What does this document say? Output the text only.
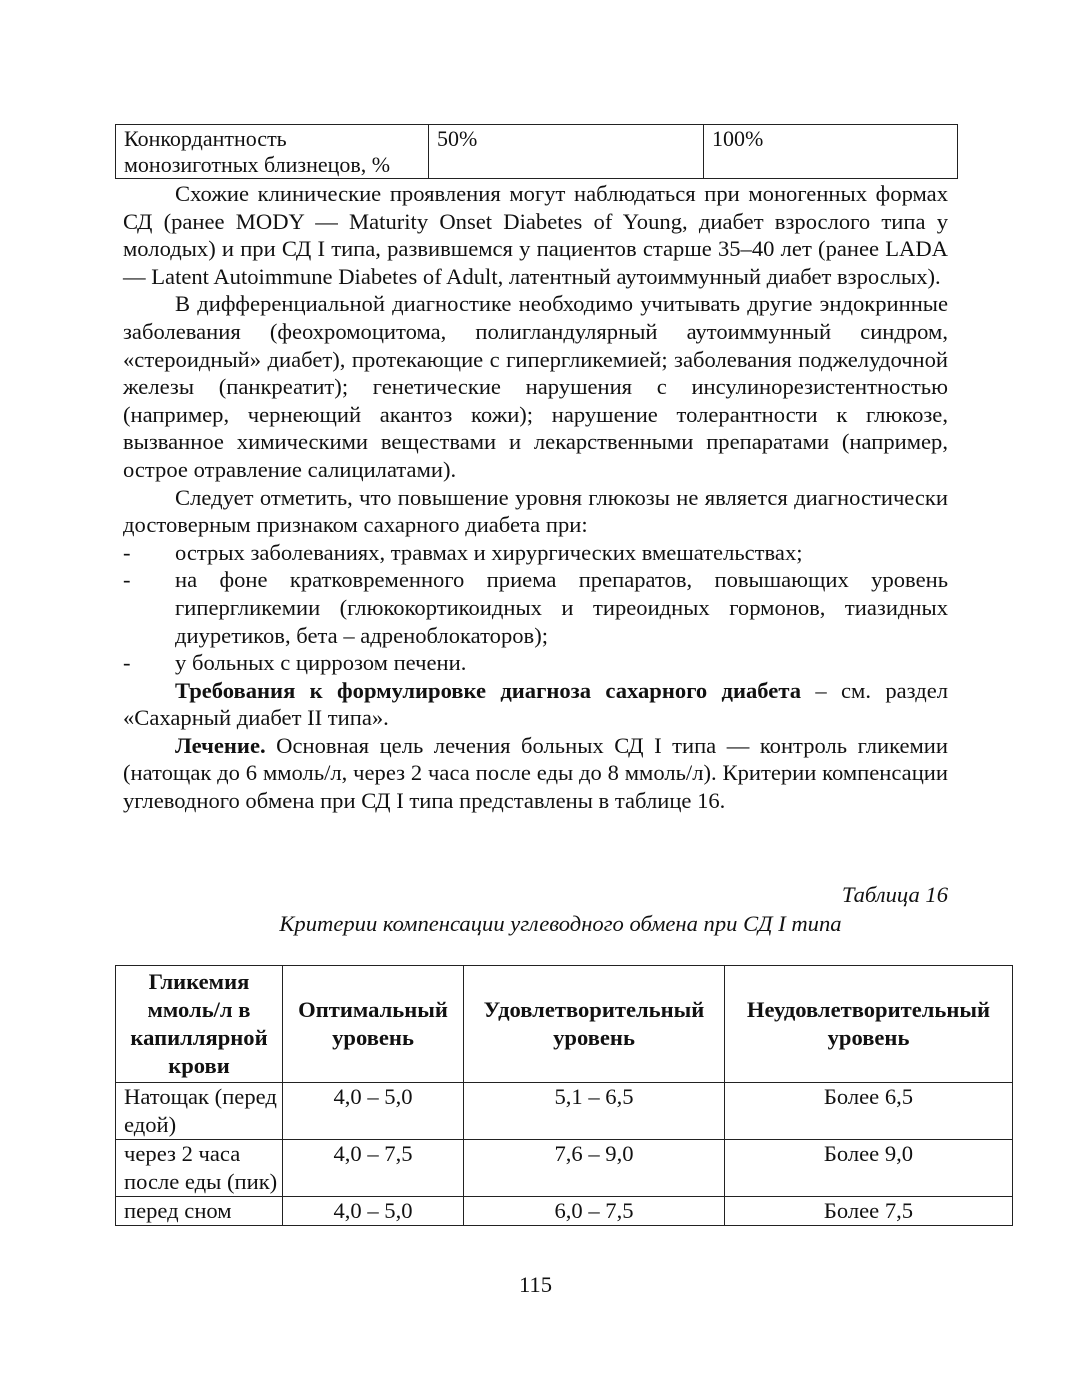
Конкордантность монозиготных близнецов, %	50%	100%

Схожие клинические проявления могут наблюдаться при моногенных формах СД (ранее MODY — Maturity Onset Diabetes of Young, диабет взрослого типа у молодых) и при СД I типа, развившемся у пациентов старше 35–40 лет (ранее LADA — Latent Autoimmune Diabetes of Adult, латентный аутоиммунный диабет взрослых).

В дифференциальной диагностике необходимо учитывать другие эндокринные заболевания (феохромоцитома, полигландулярный аутоиммунный синдром, «стероидный» диабет), протекающие с гипергликемией; заболевания поджелудочной железы (панкреатит); генетические нарушения с инсулинорезистентностью (например, чернеющий акантоз кожи); нарушение толерантности к глюкозе, вызванное химическими веществами и лекарственными препаратами (например, острое отравление салицилатами).

Следует отметить, что повышение уровня глюкозы не является диагностически достоверным признаком сахарного диабета при:

-	острых заболеваниях, травмах и хирургических вмешательствах;
-	на фоне кратковременного приема препаратов, повышающих уровень гипергликемии (глюкокортикоидных и тиреоидных гормонов, тиазидных диуретиков, бета – адреноблокаторов);
-	у больных с циррозом печени.

Требования к формулировке диагноза сахарного диабета – см. раздел «Сахарный диабет II типа».

Лечение. Основная цель лечения больных СД I типа — контроль гликемии (натощак до 6 ммоль/л, через 2 часа после еды до 8 ммоль/л). Критерии компенсации углеводного обмена при СД I типа представлены в таблице 16.

Таблица 16
Критерии компенсации углеводного обмена при СД I типа
Гликемия ммоль/л в капиллярной крови	Оптимальный уровень	Удовлетворительный уровень	Неудовлетворительный уровень
Натощак (перед едой)	4,0 – 5,0	5,1 – 6,5	Более 6,5
через 2 часа после еды (пик)	4,0 – 7,5	7,6 – 9,0	Более 9,0
перед сном	4,0 – 5,0	6,0 – 7,5	Более 7,5
115
